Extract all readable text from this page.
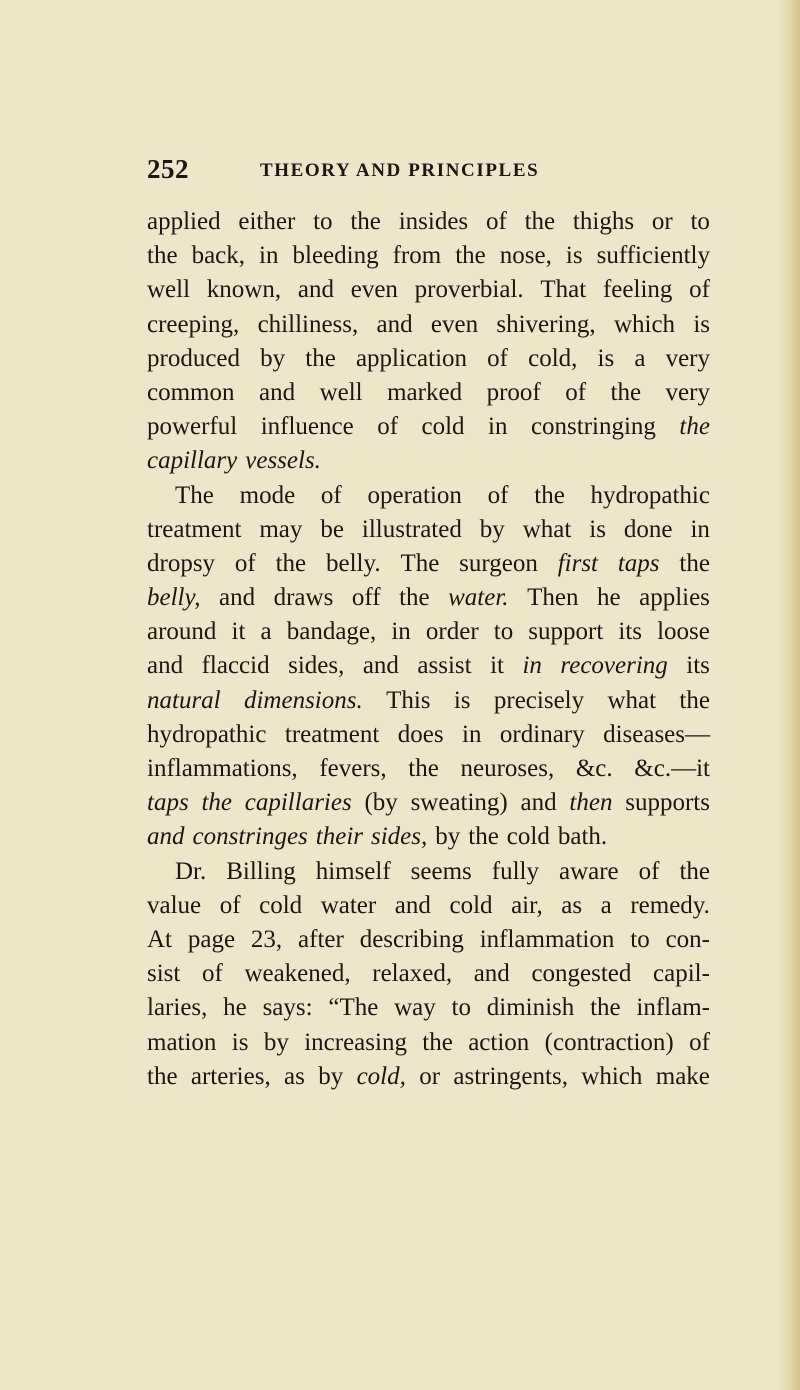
252	THEORY AND PRINCIPLES
applied either to the insides of the thighs or to
the back, in bleeding from the nose, is sufficiently
well known, and even proverbial. That feeling of
creeping, chilliness, and even shivering, which is
produced by the application of cold, is a very
common and well marked proof of the very
powerful influence of cold in constringing the
capillary vessels.
The mode of operation of the hydropathic
treatment may be illustrated by what is done in
dropsy of the belly. The surgeon first taps the
belly, and draws off the water. Then he applies
around it a bandage, in order to support its loose
and flaccid sides, and assist it in recovering its
natural dimensions. This is precisely what the
hydropathic treatment does in ordinary diseases—
inflammations, fevers, the neuroses, &c. &c.—it
taps the capillaries (by sweating) and then supports
and constringes their sides, by the cold bath.
Dr. Billing himself seems fully aware of the
value of cold water and cold air, as a remedy.
At page 23, after describing inflammation to con-
sist of weakened, relaxed, and congested capil-
laries, he says: “The way to diminish the inflam-
mation is by increasing the action (contraction) of
the arteries, as by cold, or astringents, which make
